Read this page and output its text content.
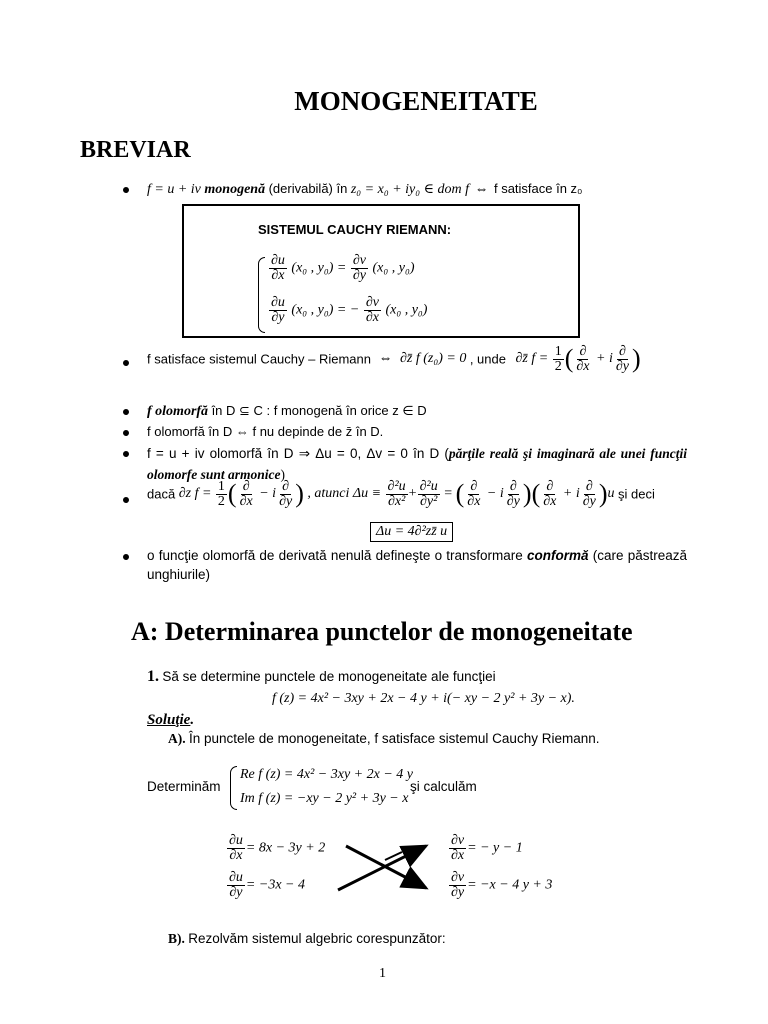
MONOGENEITATE
BREVIAR
f = u + iv monogenă (derivabilă) în z₀ = x₀ + iy₀ ∈ dom f ⇔ f satisface în z₀
SISTEMUL CAUCHY RIEMANN:
$\frac{\partial u}{\partial x} (x_0$ , $y_0) = \frac{\partial v}{\partial y} (x_0$ , y₀)
$\frac{\partial u}{\partial y} (x_0$ , y₀) = − $\frac{\partial v}{\partial x} (x_0$ , y₀)
f satisface sistemul Cauchy – Riemann ⇔ ∂z̄ f (z₀) = 0 , unde ∂z̄ $f = \frac{1}{2}$ ( $\frac{\partial}{\partial x} + i \frac{\partial}{\partial y}$ )
f olomorfă în D ⊆ C : f monogenă în orice z ∈ D
f olomorfă în D ⇔ f nu depinde de z̄ în D.
f = u + iv olomorfă în D ⇒ Δu = 0, Δv = 0 în D (părţile reală şi imaginară ale unei funcţii olomorfe sunt armonice)
dacă ∂z $f = \frac{1}{2}$ ( $\frac{\partial}{\partial x} - i \frac{\partial}{\partial y}$ ) , atunci $\Delta u \equiv \frac{\text{∂²u}}{\text{∂x²}} + \frac{\text{∂²u}}{\text{∂y²}}$ = ( $\frac{\partial}{\partial x} - i \frac{\partial}{\partial y}$ )( $\frac{\partial}{\partial x} + i \frac{\partial}{\partial y} )u$ şi deci
Δu = 4∂²zz̄ u
o funcţie olomorfă de derivată nenulă defineşte o transformare conformă (care păstrează unghiurile)
A: Determinarea punctelor de monogeneitate
1. Să se determine punctele de monogeneitate ale funcţiei
f (z) = 4x² − 3xy + 2x − 4 y + i(− xy − 2 y² + 3y − x).
Soluţie.
A). În punctele de monogeneitate, f satisface sistemul Cauchy Riemann.
Determinăm
Re f (z) = 4x² − 3xy + 2x − 4 y
Im f (z) = −xy − 2 y² + 3y − x
şi calculăm
$\frac{\partial u}{\partial x} = 8x - 3y + 2$
$\frac{\partial u}{\partial y} = -3x - 4$
$\frac{\partial v}{\partial x}$ = − y − 1
$\frac{\partial v}{\partial y} = -x - 4$ y + 3
B). Rezolvăm sistemul algebric corespunzător:
1
